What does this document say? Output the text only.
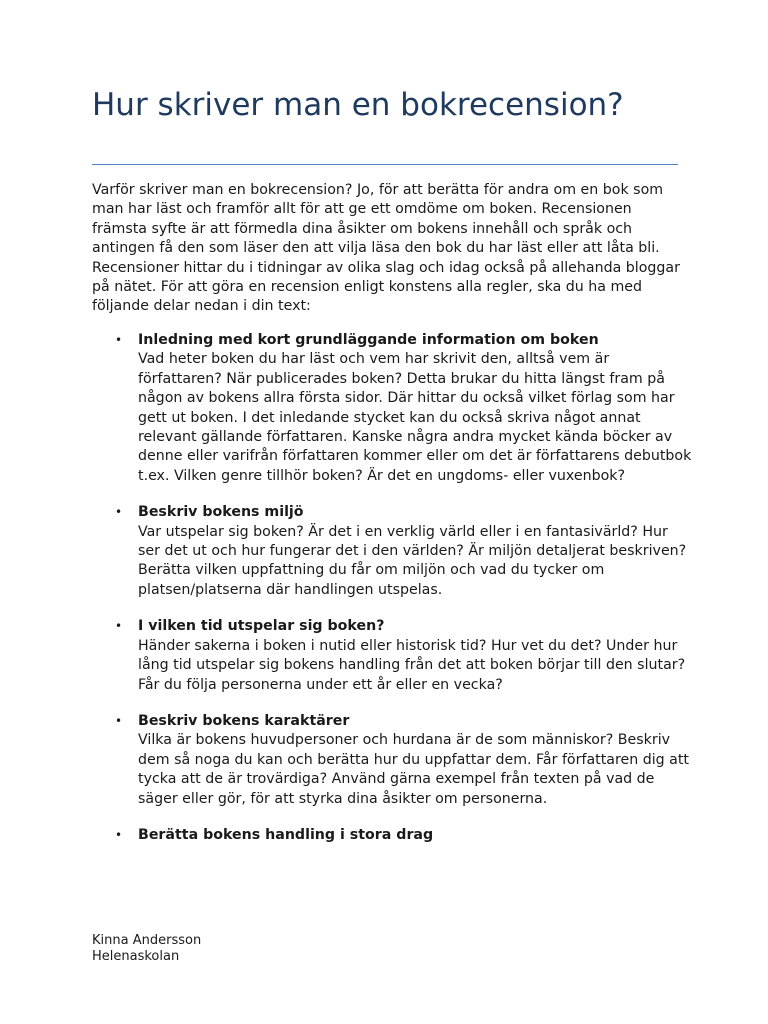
Hur skriver man en bokrecension?

Varför skriver man en bokrecension? Jo, för att berätta för andra om en bok som man har läst och framför allt för att ge ett omdöme om boken. Recensionen främsta syfte är att förmedla dina åsikter om bokens innehåll och språk och antingen få den som läser den att vilja läsa den bok du har läst eller att låta bli. Recensioner hittar du i tidningar av olika slag och idag också på allehanda bloggar på nätet. För att göra en recension enligt konstens alla regler, ska du ha med följande delar nedan i din text:

• Inledning med kort grundläggande information om boken
Vad heter boken du har läst och vem har skrivit den, alltså vem är författaren? När publicerades boken? Detta brukar du hitta längst fram på någon av bokens allra första sidor. Där hittar du också vilket förlag som har gett ut boken. I det inledande stycket kan du också skriva något annat relevant gällande författaren. Kanske några andra mycket kända böcker av denne eller varifrån författaren kommer eller om det är författarens debutbok t.ex. Vilken genre tillhör boken? Är det en ungdoms- eller vuxenbok?
• Beskriv bokens miljö
Var utspelar sig boken? Är det i en verklig värld eller i en fantasivärld? Hur ser det ut och hur fungerar det i den världen? Är miljön detaljerat beskriven? Berätta vilken uppfattning du får om miljön och vad du tycker om platsen/platserna där handlingen utspelas.
• I vilken tid utspelar sig boken?
Händer sakerna i boken i nutid eller historisk tid? Hur vet du det? Under hur lång tid utspelar sig bokens handling från det att boken börjar till den slutar? Får du följa personerna under ett år eller en vecka?
• Beskriv bokens karaktärer
Vilka är bokens huvudpersoner och hurdana är de som människor? Beskriv dem så noga du kan och berätta hur du uppfattar dem. Får författaren dig att tycka att de är trovärdiga? Använd gärna exempel från texten på vad de säger eller gör, för att styrka dina åsikter om personerna.
• Berätta bokens handling i stora drag
Kinna Andersson
Helenaskolan
